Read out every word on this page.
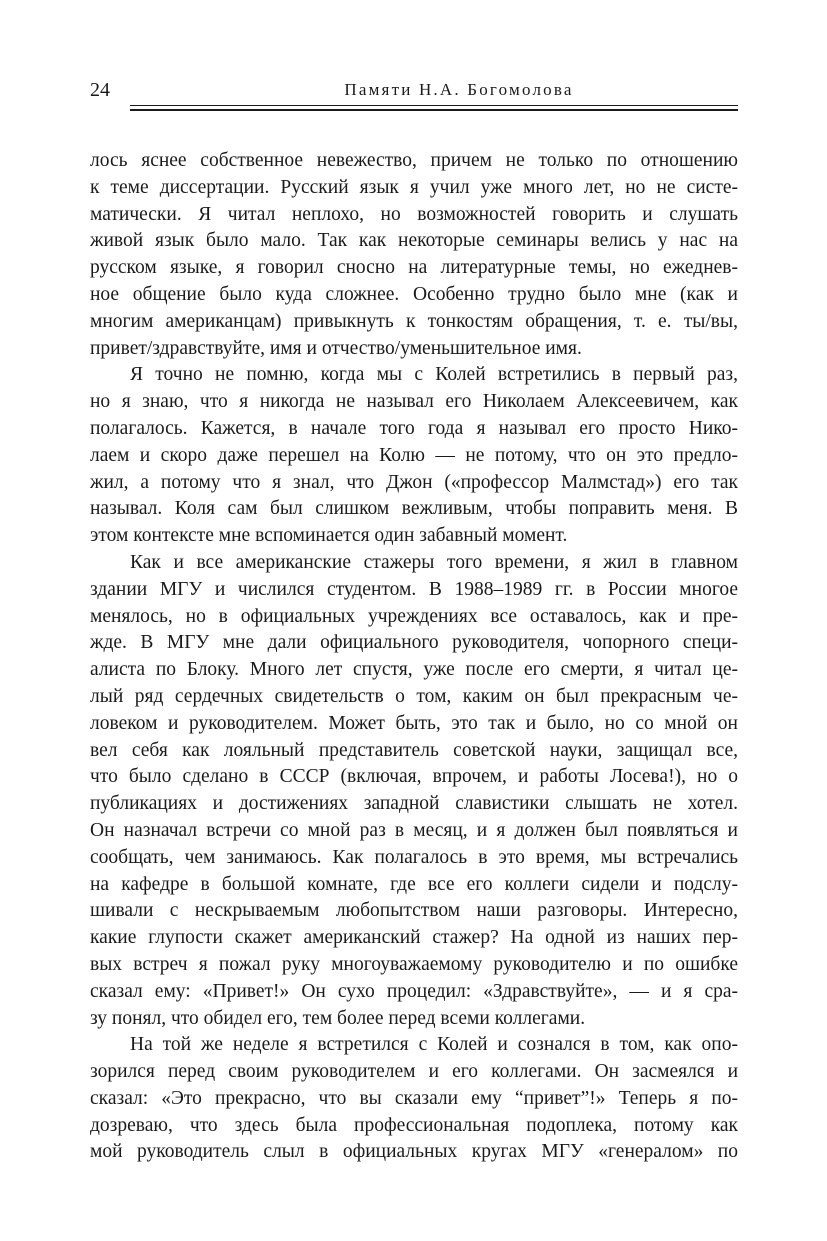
24	Памяти Н.А. Богомолова
лось яснее собственное невежество, причем не только по отношению
к теме диссертации. Русский язык я учил уже много лет, но не систе-
матически. Я читал неплохо, но возможностей говорить и слушать
живой язык было мало. Так как некоторые семинары велись у нас на
русском языке, я говорил сносно на литературные темы, но ежеднев-
ное общение было куда сложнее. Особенно трудно было мне (как и
многим американцам) привыкнуть к тонкостям обращения, т. е. ты/вы,
привет/здравствуйте, имя и отчество/уменьшительное имя.
Я точно не помню, когда мы с Колей встретились в первый раз,
но я знаю, что я никогда не называл его Николаем Алексеевичем, как
полагалось. Кажется, в начале того года я называл его просто Нико-
лаем и скоро даже перешел на Колю — не потому, что он это предло-
жил, а потому что я знал, что Джон («профессор Малмстад») его так
называл. Коля сам был слишком вежливым, чтобы поправить меня. В
этом контексте мне вспоминается один забавный момент.
Как и все американские стажеры того времени, я жил в главном
здании МГУ и числился студентом. В 1988–1989 гг. в России многое
менялось, но в официальных учреждениях все оставалось, как и пре-
жде. В МГУ мне дали официального руководителя, чопорного специ-
алиста по Блоку. Много лет спустя, уже после его смерти, я читал це-
лый ряд сердечных свидетельств о том, каким он был прекрасным че-
ловеком и руководителем. Может быть, это так и было, но со мной он
вел себя как лояльный представитель советской науки, защищал все,
что было сделано в СССР (включая, впрочем, и работы Лосева!), но о
публикациях и достижениях западной славистики слышать не хотел.
Он назначал встречи со мной раз в месяц, и я должен был появляться и
сообщать, чем занимаюсь. Как полагалось в это время, мы встречались
на кафедре в большой комнате, где все его коллеги сидели и подслу-
шивали с нескрываемым любопытством наши разговоры. Интересно,
какие глупости скажет американский стажер? На одной из наших пер-
вых встреч я пожал руку многоуважаемому руководителю и по ошибке
сказал ему: «Привет!» Он сухо процедил: «Здравствуйте», — и я сра-
зу понял, что обидел его, тем более перед всеми коллегами.
На той же неделе я встретился с Колей и сознался в том, как опо-
зорился перед своим руководителем и его коллегами. Он засмеялся и
сказал: «Это прекрасно, что вы сказали ему “привет”!» Теперь я по-
дозреваю, что здесь была профессиональная подоплека, потому как
мой руководитель слыл в официальных кругах МГУ «генералом» по
